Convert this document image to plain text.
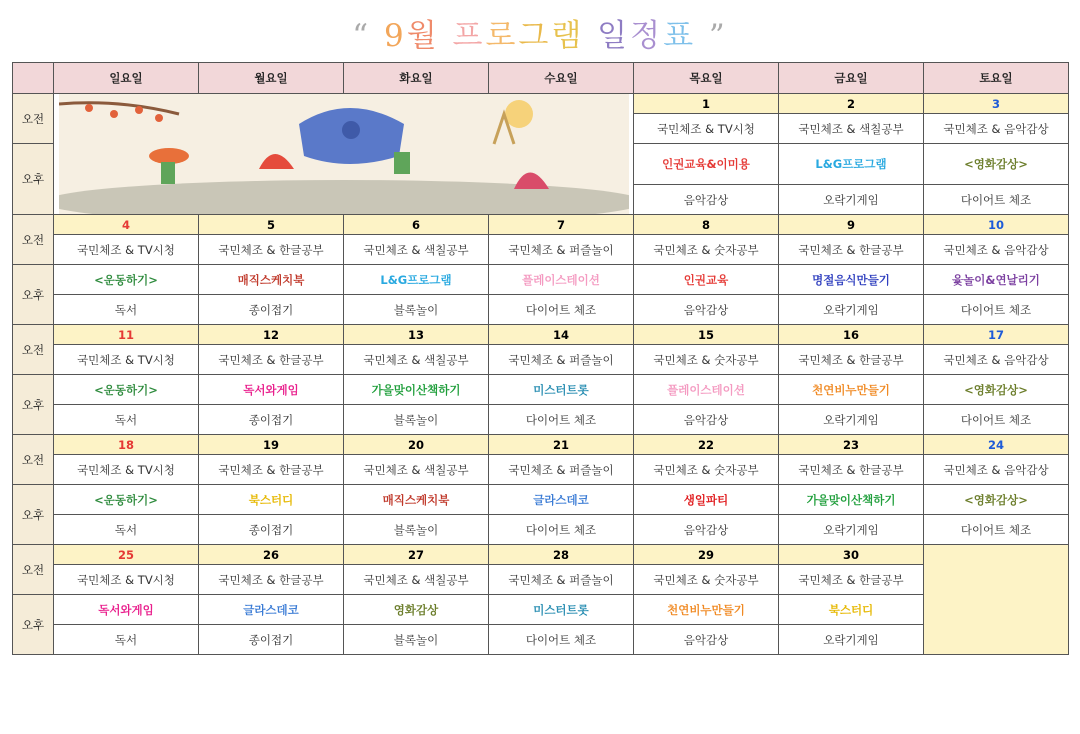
“ 9월 프로그램 일정표 ”
	일요일	월요일	화요일	수요일	목요일	금요일	토요일
오전					1	2	3
					국민체조 & TV시청	국민체조 & 색칠공부	국민체조 & 음악감상
오후					인권교육&이미용	L&G프로그램	<영화감상>
					음악감상	오락기게임	다이어트 체조
오전	4	5	6	7	8	9	10
	국민체조 & TV시청	국민체조 & 한글공부	국민체조 & 색칠공부	국민체조 & 퍼즐놀이	국민체조 & 숫자공부	국민체조 & 한글공부	국민체조 & 음악감상
오후	<운동하기>	매직스케치북	L&G프로그램	플레이스테이션	인권교육	명절음식만들기	윷놀이&연날리기
	독서	종이접기	블록놀이	다이어트 체조	음악감상	오락기게임	다이어트 체조
오전	11	12	13	14	15	16	17
	국민체조 & TV시청	국민체조 & 한글공부	국민체조 & 색칠공부	국민체조 & 퍼즐놀이	국민체조 & 숫자공부	국민체조 & 한글공부	국민체조 & 음악감상
오후	<운동하기>	독서와게임	가을맞이산책하기	미스터트롯	플레이스테이션	천연비누만들기	<영화감상>
	독서	종이접기	블록놀이	다이어트 체조	음악감상	오락기게임	다이어트 체조
오전	18	19	20	21	22	23	24
	국민체조 & TV시청	국민체조 & 한글공부	국민체조 & 색칠공부	국민체조 & 퍼즐놀이	국민체조 & 숫자공부	국민체조 & 한글공부	국민체조 & 음악감상
오후	<운동하기>	북스터디	매직스케치북	글라스데코	생일파티	가을맞이산책하기	<영화감상>
	독서	종이접기	블록놀이	다이어트 체조	음악감상	오락기게임	다이어트 체조
오전	25	26	27	28	29	30	
	국민체조 & TV시청	국민체조 & 한글공부	국민체조 & 색칠공부	국민체조 & 퍼즐놀이	국민체조 & 숫자공부	국민체조 & 한글공부	
오후	독서와게임	글라스데코	영화감상	미스터트롯	천연비누만들기	북스터디	
	독서	종이접기	블록놀이	다이어트 체조	음악감상	오락기게임	
